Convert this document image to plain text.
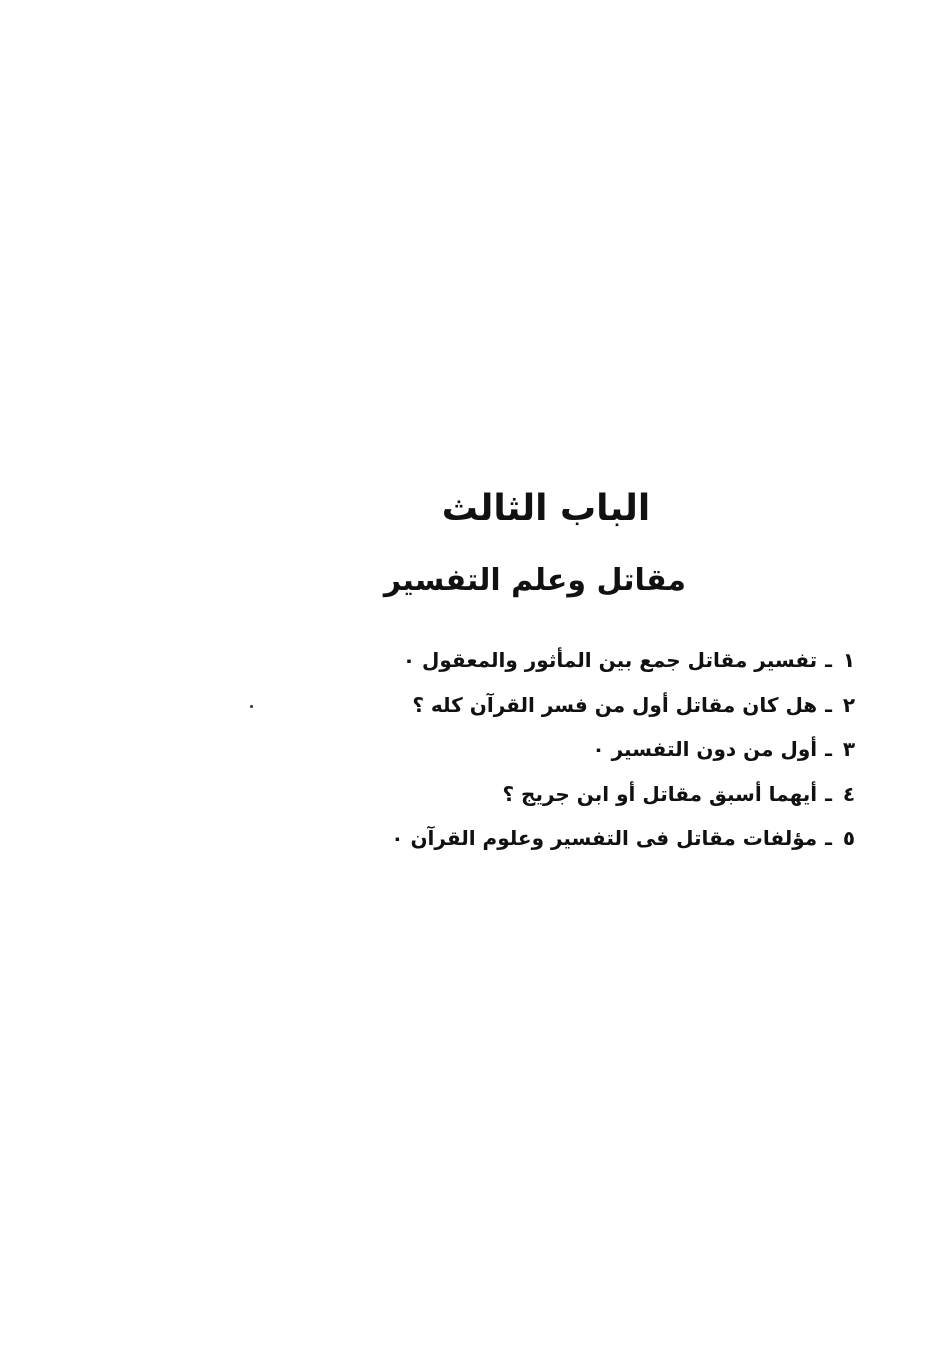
الباب الثالث
مقاتل وعلم التفسير
١ـتفسير مقاتل جمع بين المأثور والمعقول ٠
٢ـهل كان مقاتل أول من فسر القرآن كله ؟
٣ـأول من دون التفسير ٠
٤ـأيهما أسبق مقاتل أو ابن جريج ؟
٥ـمؤلفات مقاتل فى التفسير وعلوم القرآن ٠
